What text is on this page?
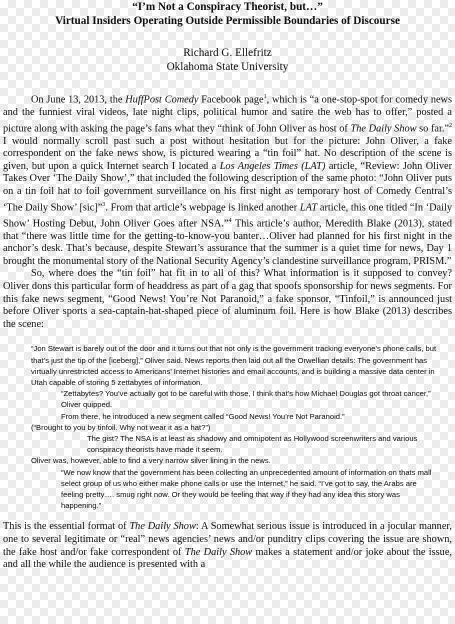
“I’m Not a Conspiracy Theorist, but…”
Virtual Insiders Operating Outside Permissible Boundaries of Discourse
Richard G. Ellefritz
Oklahoma State University

On June 13, 2013, the HuffPost Comedy Facebook page$^1$, which is “a one-stop-spot for comedy news and the funniest viral videos, late night clips, political humor and satire the web has to offer,” posted a picture along with asking the page’s fans what they “think of John Oliver as host of The Daily Show so far.”$^2$ I would normally scroll past such a post without hesitation but for the picture: John Oliver, a fake correspondent on the fake news show, is pictured wearing a “tin foil” hat. No description of the scene is given, but upon a quick Internet search I located a Los Angeles Times (LAT) article, “Review: John Oliver Takes Over ‘The Daily Show’,” that included the following description of the same photo: “John Oliver puts on a tin foil hat to foil government surveillance on his first night as temporary host of Comedy Central’s ‘The Daily Show’ [sic]”$^3$. From that article’s webpage is linked another LAT article, this one titled “In ‘Daily Show’ Hosting Debut, John Oliver Goes after NSA.”$^4$ This article’s author, Meredith Blake (2013), stated that “there was little time for the getting-to-know-you banter…Oliver had planned for his first night in the anchor’s desk. That’s because, despite Stewart’s assurance that the summer is a quiet time for news, Day 1 brought the monumental story of the National Security Agency’s clandestine surveillance program, PRISM.”

So, where does the “tin foil” hat fit in to all of this? What information is it supposed to convey? Oliver dons this particular form of headdress as part of a gag that spoofs sponsorship for news segments. For this fake news segment, “Good News! You’re Not Paranoid,” a fake sponsor, “Tinfoil,” is announced just before Oliver sports a sea-captain-hat-shaped piece of aluminum foil. Here is how Blake (2013) describes the scene:

“Jon Stewart is barely out of the door and it turns out that not only is the government tracking everyone’s phone calls, but that’s just the tip of the [iceberg],” Oliver said. News reports then laid out all the Orwellian details: The government has virtually unrestricted access to Americans’ Internet histories and email accounts, and is building a massive data center in Utah capable of storing 5 zettabytes of information.
“Zettabytes? You’ve actually got to be careful with those, I think that’s how Michael Douglas got throat cancer,” Oliver quipped.
From there, he introduced a new segment called “Good News! You’re Not Paranoid.”
(“Brought to you by tinfoil. Why not wear it as a hat?”)
The gist? The NSA is at least as shadowy and omnipotent as Hollywood screenwriters and various conspiracy theorists have made it seem.
Oliver was, however, able to find a very narrow silver lining in the news.
“We now know that the government has been collecting an unprecedented amount of information on thats mall select group of us who either make phone calls or use the Internet,” he said. “I’ve got to say, the Arabs are feeling pretty…. smug right now. Or they would be feeling that way if they had any idea this story was happening.”

This is the essential format of The Daily Show: A Somewhat serious issue is introduced in a jocular manner, one to several legitimate or “real” news agencies’ news and/or punditry clips covering the issue are shown, the fake host and/or fake correspondent of The Daily Show makes a statement and/or joke about the issue, and all the while the audience is presented with a
